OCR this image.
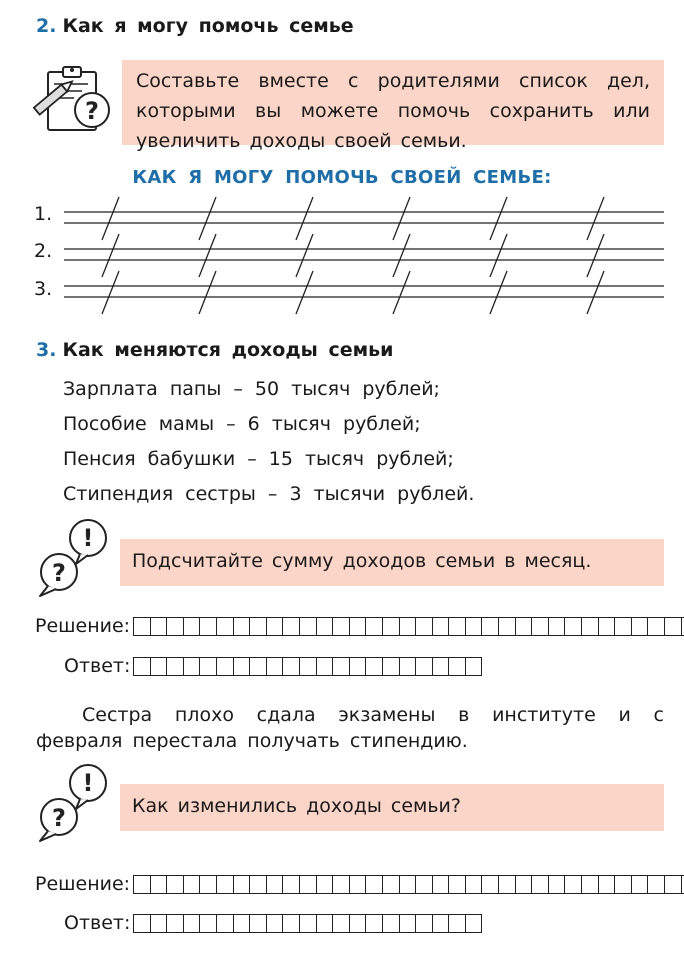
2. Как я могу помочь семье
?
Составьте вместе с родителями список дел, которыми вы можете помочь сохранить или увеличить доходы своей семьи.
КАК Я МОГУ ПОМОЧЬ СВОЕЙ СЕМЬЕ:
1.
2.
3.
3. Как меняются доходы семьи
Зарплата папы – 50 тысяч рублей;
Пособие мамы – 6 тысяч рублей;
Пенсия бабушки – 15 тысяч рублей;
Стипендия сестры – 3 тысячи рублей.
!
?	Подсчитайте сумму доходов семьи в месяц.
Решение:
Ответ:
Сестра плохо сдала экзамены в институте и с февраля перестала получать стипендию.
!
?	Как изменились доходы семьи?
Решение:
Ответ:
